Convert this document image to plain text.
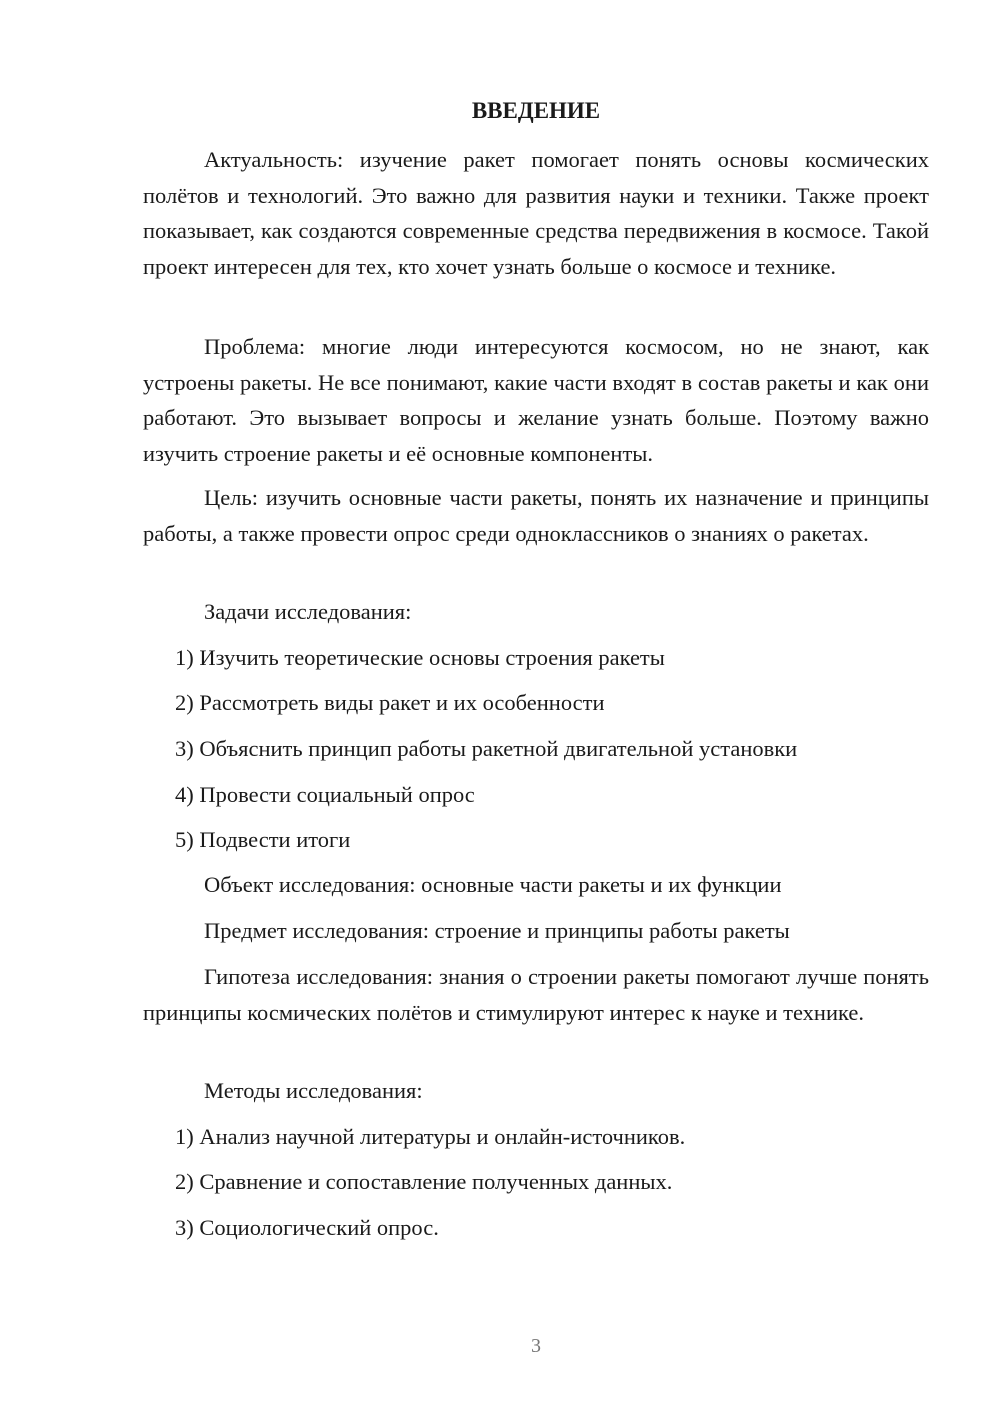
ВВЕДЕНИЕ

Актуальность: изучение ракет помогает понять основы космических полётов и технологий. Это важно для развития науки и техники. Также проект показывает, как создаются современные средства передвижения в космосе. Такой проект интересен для тех, кто хочет узнать больше о космосе и технике.

Проблема: многие люди интересуются космосом, но не знают, как устроены ракеты. Не все понимают, какие части входят в состав ракеты и как они работают. Это вызывает вопросы и желание узнать больше. Поэтому важно изучить строение ракеты и её основные компоненты.

Цель: изучить основные части ракеты, понять их назначение и принципы работы, а также провести опрос среди одноклассников о знаниях о ракетах.

Задачи исследования:

1) Изучить теоретические основы строения ракеты

2) Рассмотреть виды ракет и их особенности

3) Объяснить принцип работы ракетной двигательной установки

4) Провести социальный опрос

5) Подвести итоги

Объект исследования: основные части ракеты и их функции

Предмет исследования: строение и принципы работы ракеты

Гипотеза исследования: знания о строении ракеты помогают лучше понять принципы космических полётов и стимулируют интерес к науке и технике.

Методы исследования:

1) Анализ научной литературы и онлайн-источников.

2) Сравнение и сопоставление полученных данных.

3) Социологический опрос.

3
